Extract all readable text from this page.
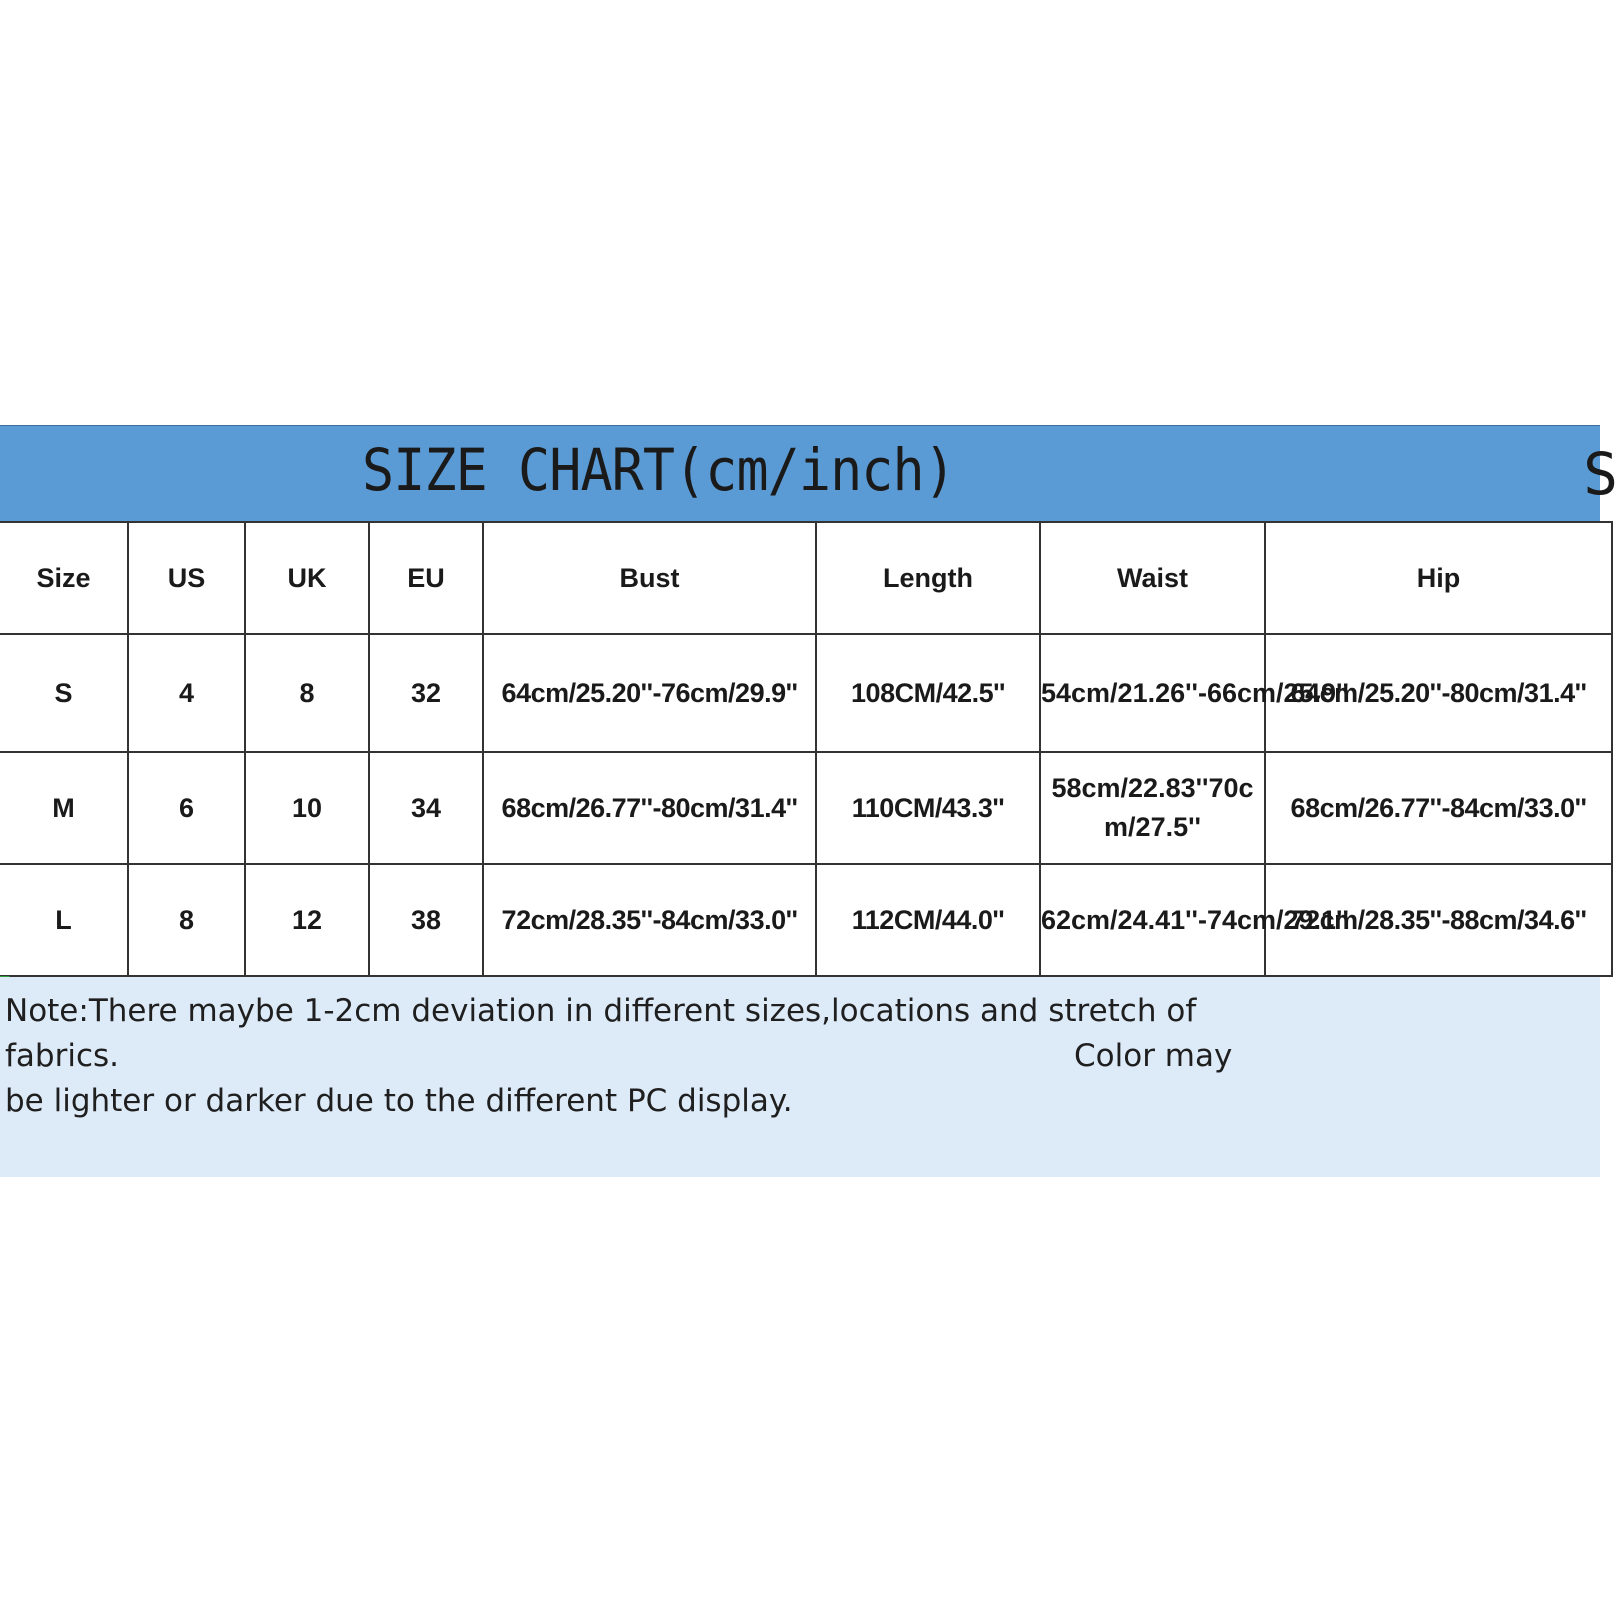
SIZE CHART(cm/inch)	S
Size	US	UK	EU	Bust	Length	Waist	Hip
S	4	8	32	64cm/25.20''-76cm/29.9''	108CM/42.5''	54cm/21.26''-66cm/25.9''	64cm/25.20''-80cm/31.4''
M	6	10	34	68cm/26.77''-80cm/31.4''	110CM/43.3''	58cm/22.83''70cm/27.5''	68cm/26.77''-84cm/33.0''
L	8	12	38	72cm/28.35''-84cm/33.0''	112CM/44.0''	62cm/24.41''-74cm/29.1''	72cm/28.35''-88cm/34.6''
Note:There maybe 1-2cm deviation in different sizes,locations and stretch of
fabrics.	Color may
be lighter or darker due to the different PC display.
